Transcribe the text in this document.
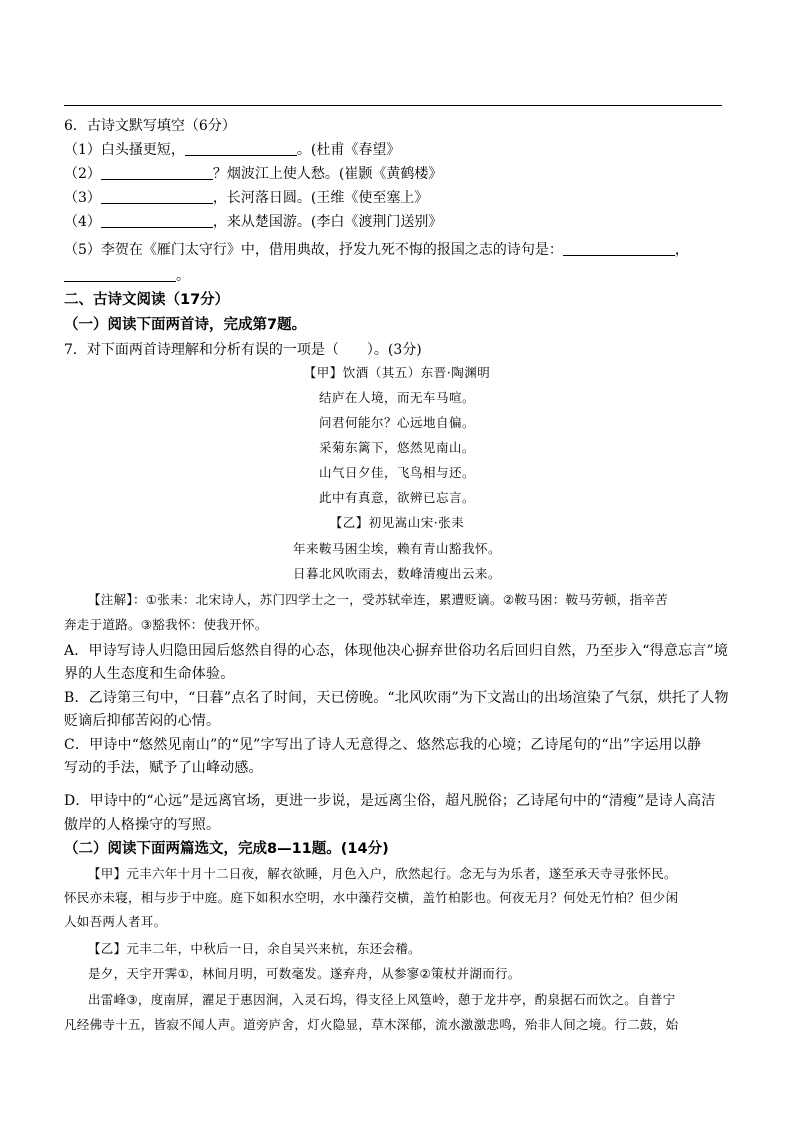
6．古诗文默写填空（6分）
（1）白头搔更短，	。(杜甫《春望》
（2）	？烟波江上使人愁。(崔颢《黄鹤楼》
（3）	，长河落日圆。(王维《使至塞上》
（4）	，来从楚国游。(李白《渡荆门送别》
（5）李贺在《雁门太守行》中，借用典故，抒发九死不悔的报国之志的诗句是：	，
。
二、古诗文阅读（17分）
（一）阅读下面两首诗，完成第7题。
7．对下面两首诗理解和分析有误的一项是（　　）。(3分)
【甲】饮酒（其五）东晋·陶渊明
结庐在人境，而无车马喧。
问君何能尔？心远地自偏。
采菊东篱下，悠然见南山。
山气日夕佳，飞鸟相与还。
此中有真意，欲辨已忘言。
【乙】初见嵩山宋·张耒
年来鞍马困尘埃，赖有青山豁我怀。
日暮北风吹雨去，数峰清瘦出云来。
【注解】：①张耒：北宋诗人，苏门四学士之一，受苏轼牵连，累遭贬谪。②鞍马困：鞍马劳顿，指辛苦
奔走于道路。③豁我怀：使我开怀。
A．甲诗写诗人归隐田园后悠然自得的心态，体现他决心摒弃世俗功名后回归自然，乃至步入“得意忘言”境
界的人生态度和生命体验。
B．乙诗第三句中，“日暮”点名了时间，天已傍晚。“北风吹雨”为下文嵩山的出场渲染了气氛，烘托了人物
贬谪后抑郁苦闷的心情。
C．甲诗中“悠然见南山”的“见”字写出了诗人无意得之、悠然忘我的心境；乙诗尾句的“出”字运用以静
写动的手法，赋予了山峰动感。
D．甲诗中的“心远”是远离官场，更进一步说，是远离尘俗，超凡脱俗；乙诗尾句中的“清瘦”是诗人高洁
傲岸的人格操守的写照。
（二）阅读下面两篇选文，完成8—11题。(14分)
【甲】元丰六年十月十二日夜，解衣欲睡，月色入户，欣然起行。念无与为乐者，遂至承天寺寻张怀民。
怀民亦未寝，相与步于中庭。庭下如积水空明，水中藻荇交横，盖竹柏影也。何夜无月？何处无竹柏？但少闲
人如吾两人者耳。
【乙】元丰二年，中秋后一日，余自吴兴来杭，东还会稽。
是夕，天宇开霁①，林间月明，可数毫发。遂弃舟，从参寥②策杖并湖而行。
出雷峰③，度南屏，濯足于惠因涧，入灵石坞，得支径上风篁岭，憩于龙井亭，酌泉据石而饮之。自普宁
凡经佛寺十五，皆寂不闻人声。道旁庐舍，灯火隐显，草木深郁，流水激激悲鸣，殆非人间之境。行二鼓，始
